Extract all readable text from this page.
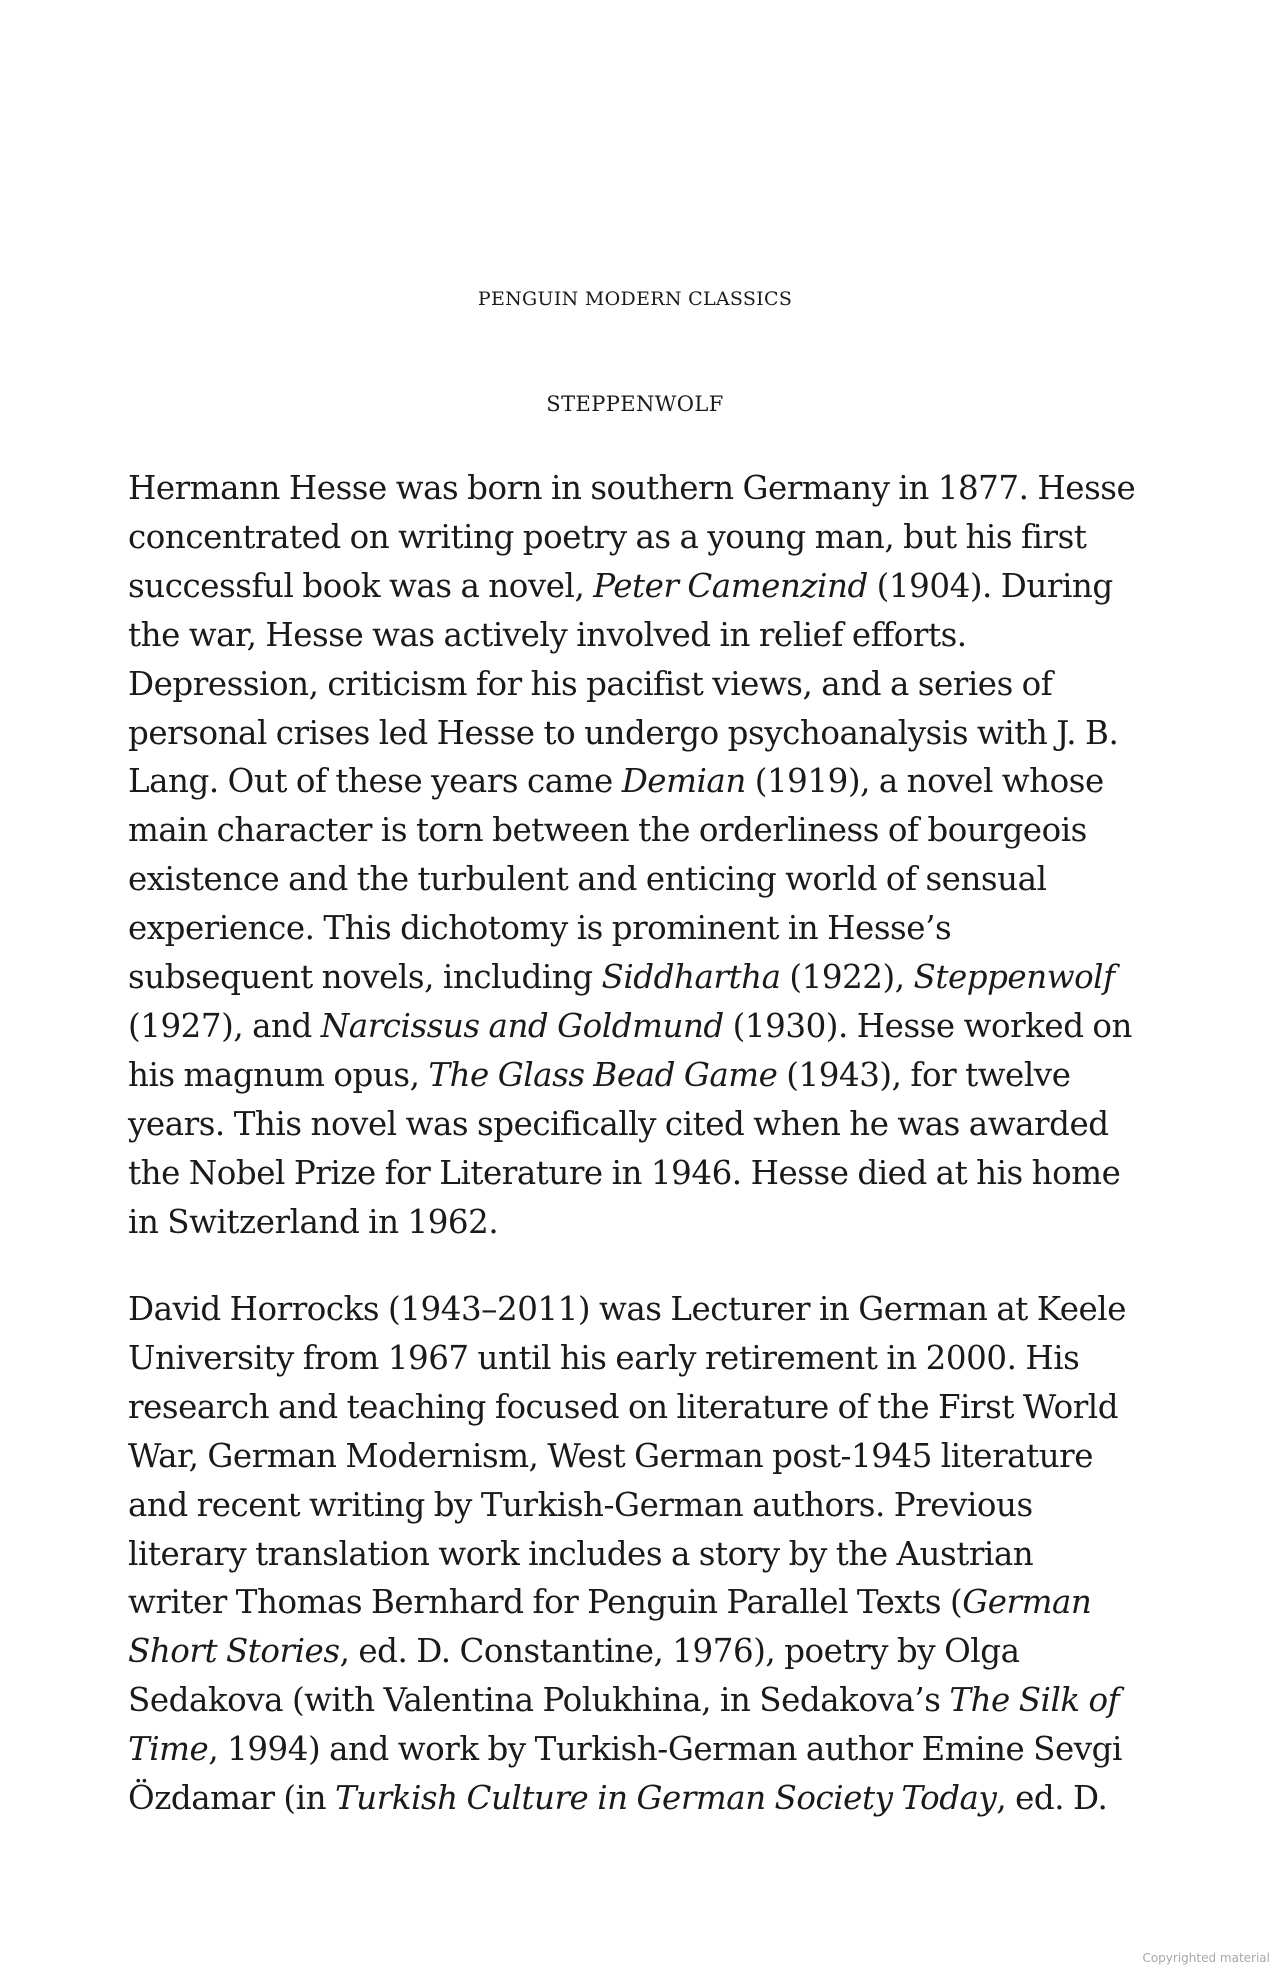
PENGUIN MODERN CLASSICS
STEPPENWOLF
Hermann Hesse was born in southern Germany in 1877. Hesse
concentrated on writing poetry as a young man, but his first
successful book was a novel, Peter Camenzind (1904). During
the war, Hesse was actively involved in relief efforts.
Depression, criticism for his pacifist views, and a series of
personal crises led Hesse to undergo psychoanalysis with J. B.
Lang. Out of these years came Demian (1919), a novel whose
main character is torn between the orderliness of bourgeois
existence and the turbulent and enticing world of sensual
experience. This dichotomy is prominent in Hesse’s
subsequent novels, including Siddhartha (1922), Steppenwolf
(1927), and Narcissus and Goldmund (1930). Hesse worked on
his magnum opus, The Glass Bead Game (1943), for twelve
years. This novel was specifically cited when he was awarded
the Nobel Prize for Literature in 1946. Hesse died at his home
in Switzerland in 1962.
David Horrocks (1943–2011) was Lecturer in German at Keele
University from 1967 until his early retirement in 2000. His
research and teaching focused on literature of the First World
War, German Modernism, West German post-1945 literature
and recent writing by Turkish-German authors. Previous
literary translation work includes a story by the Austrian
writer Thomas Bernhard for Penguin Parallel Texts (German
Short Stories, ed. D. Constantine, 1976), poetry by Olga
Sedakova (with Valentina Polukhina, in Sedakova’s The Silk of
Time, 1994) and work by Turkish-German author Emine Sevgi
Özdamar (in Turkish Culture in German Society Today, ed. D.
Copyrighted material
